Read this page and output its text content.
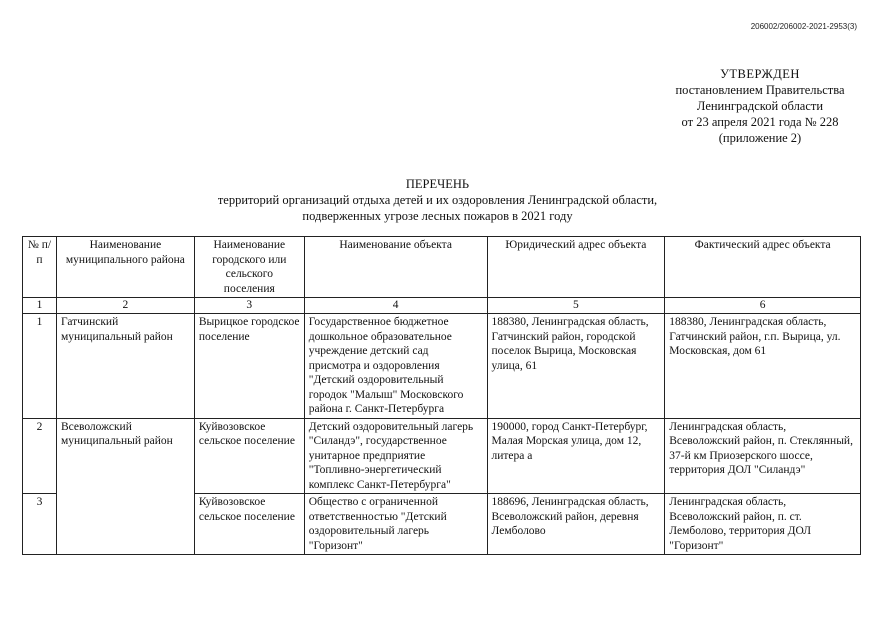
206002/206002-2021-2953(3)
УТВЕРЖДЕН
постановлением Правительства
Ленинградской области
от 23 апреля 2021 года № 228
(приложение 2)
ПЕРЕЧЕНЬ
территорий организаций отдыха детей и их оздоровления Ленинградской области,
подверженных угрозе лесных пожаров в 2021 году
№ п/п	Наименование муниципального района	Наименование городского или сельского поселения	Наименование объекта	Юридический адрес объекта	Фактический адрес объекта
1	2	3	4	5	6
1	Гатчинский муниципальный район	Вырицкое городское поселение	Государственное бюджетное дошкольное образовательное учреждение детский сад присмотра и оздоровления "Детский оздоровительный городок "Малыш" Московского района г. Санкт-Петербурга	188380, Ленинградская область, Гатчинский район, городской поселок Вырица, Московская улица, 61	188380, Ленинградская область, Гатчинский район, г.п. Вырица, ул. Московская, дом 61
2	Всеволожский муниципальный район	Куйвозовское сельское поселение	Детский оздоровительный лагерь "Силандэ", государственное унитарное предприятие "Топливно-энергетический комплекс Санкт-Петербурга"	190000, город Санкт-Петербург, Малая Морская улица, дом 12, литера а	Ленинградская область, Всеволожский район, п. Стеклянный, 37-й км Приозерского шоссе, территория ДОЛ "Силандэ"
3		Куйвозовское сельское поселение	Общество с ограниченной ответственностью "Детский оздоровительный лагерь "Горизонт"	188696, Ленинградская область, Всеволожский район, деревня Лемболово	Ленинградская область, Всеволожский район, п. ст. Лемболово, территория ДОЛ "Горизонт"
